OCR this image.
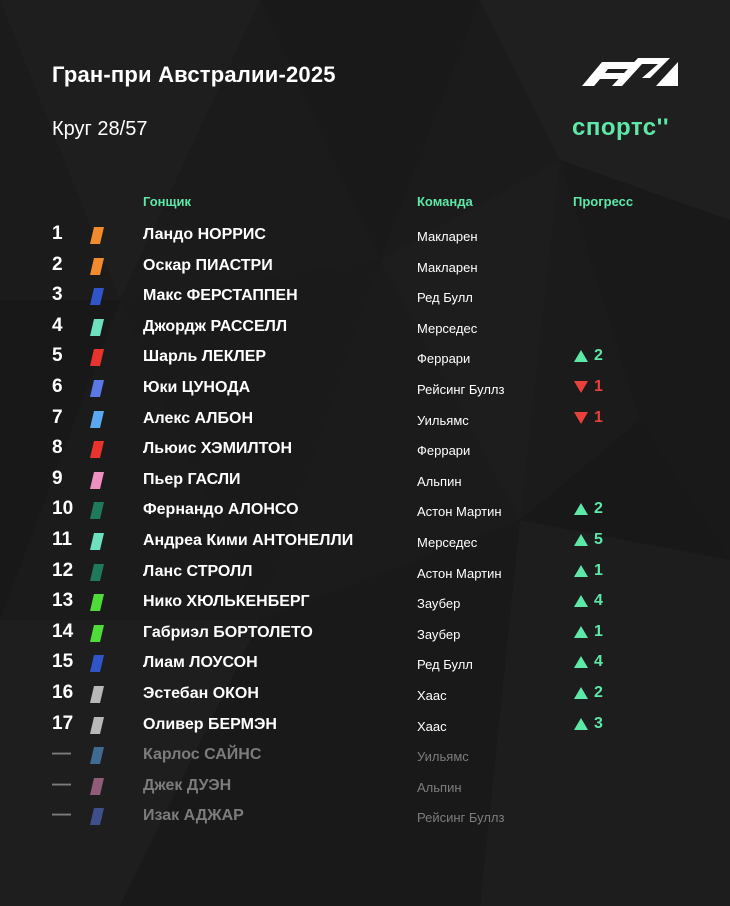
Гран-при Австралии-2025
Круг 28/57	спортс''
Гонщик	Команда	Прогресс
1	Ландо НОРРИС	Макларен
2	Оскар ПИАСТРИ	Макларен
3	Макс ФЕРСТАППЕН	Ред Булл
4	Джордж РАССЕЛЛ	Мерседес
5	Шарль ЛЕКЛЕР	Феррари	2
6	Юки ЦУНОДА	Рейсинг Буллз	1
7	Алекс АЛБОН	Уильямс	1
8	Льюис ХЭМИЛТОН	Феррари
9	Пьер ГАСЛИ	Альпин
10	Фернандо АЛОНСО	Астон Мартин	2
11	Андреа Кими АНТОНЕЛЛИ	Мерседес	5
12	Ланс СТРОЛЛ	Астон Мартин	1
13	Нико ХЮЛЬКЕНБЕРГ	Заубер	4
14	Габриэл БОРТОЛЕТО	Заубер	1
15	Лиам ЛОУСОН	Ред Булл	4
16	Эстебан ОКОН	Хаас	2
17	Оливер БЕРМЭН	Хаас	3
—	Карлос САЙНС	Уильямс
—	Джек ДУЭН	Альпин
—	Изак АДЖАР	Рейсинг Буллз
